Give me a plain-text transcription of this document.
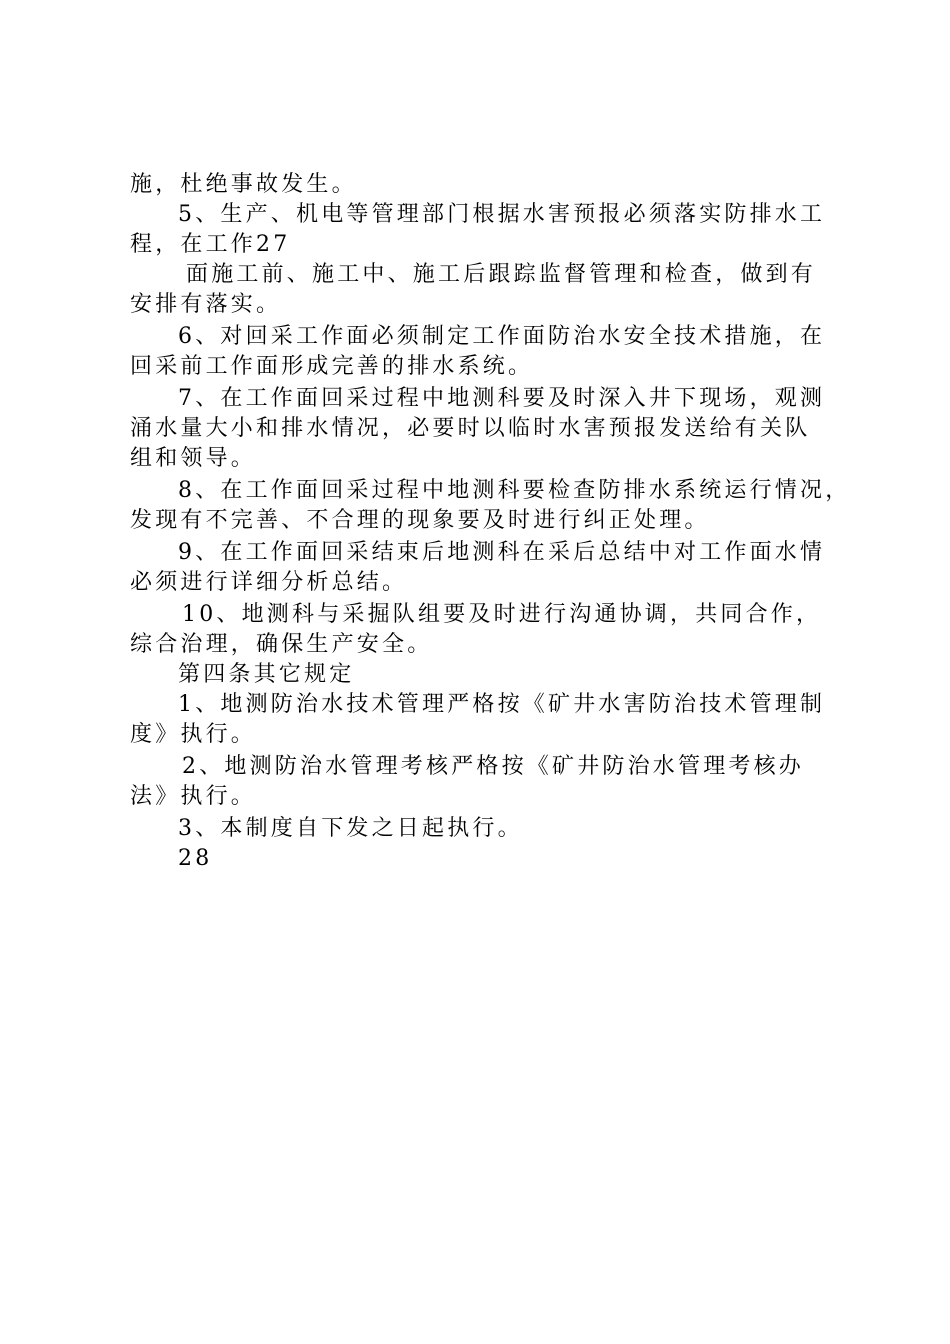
施，杜绝事故发生。

5、生产、机电等管理部门根据水害预报必须落实防排水工

程，在工作27

面施工前、施工中、施工后跟踪监督管理和检查，做到有

安排有落实。

6、对回采工作面必须制定工作面防治水安全技术措施，在

回采前工作面形成完善的排水系统。

7、在工作面回采过程中地测科要及时深入井下现场，观测

涌水量大小和排水情况，必要时以临时水害预报发送给有关队

组和领导。

8、在工作面回采过程中地测科要检查防排水系统运行情况，

发现有不完善、不合理的现象要及时进行纠正处理。

9、在工作面回采结束后地测科在采后总结中对工作面水情

必须进行详细分析总结。

10、地测科与采掘队组要及时进行沟通协调，共同合作，

综合治理，确保生产安全。

第四条其它规定

1、地测防治水技术管理严格按《矿井水害防治技术管理制

度》执行。

2、地测防治水管理考核严格按《矿井防治水管理考核办

法》执行。

3、本制度自下发之日起执行。

28
